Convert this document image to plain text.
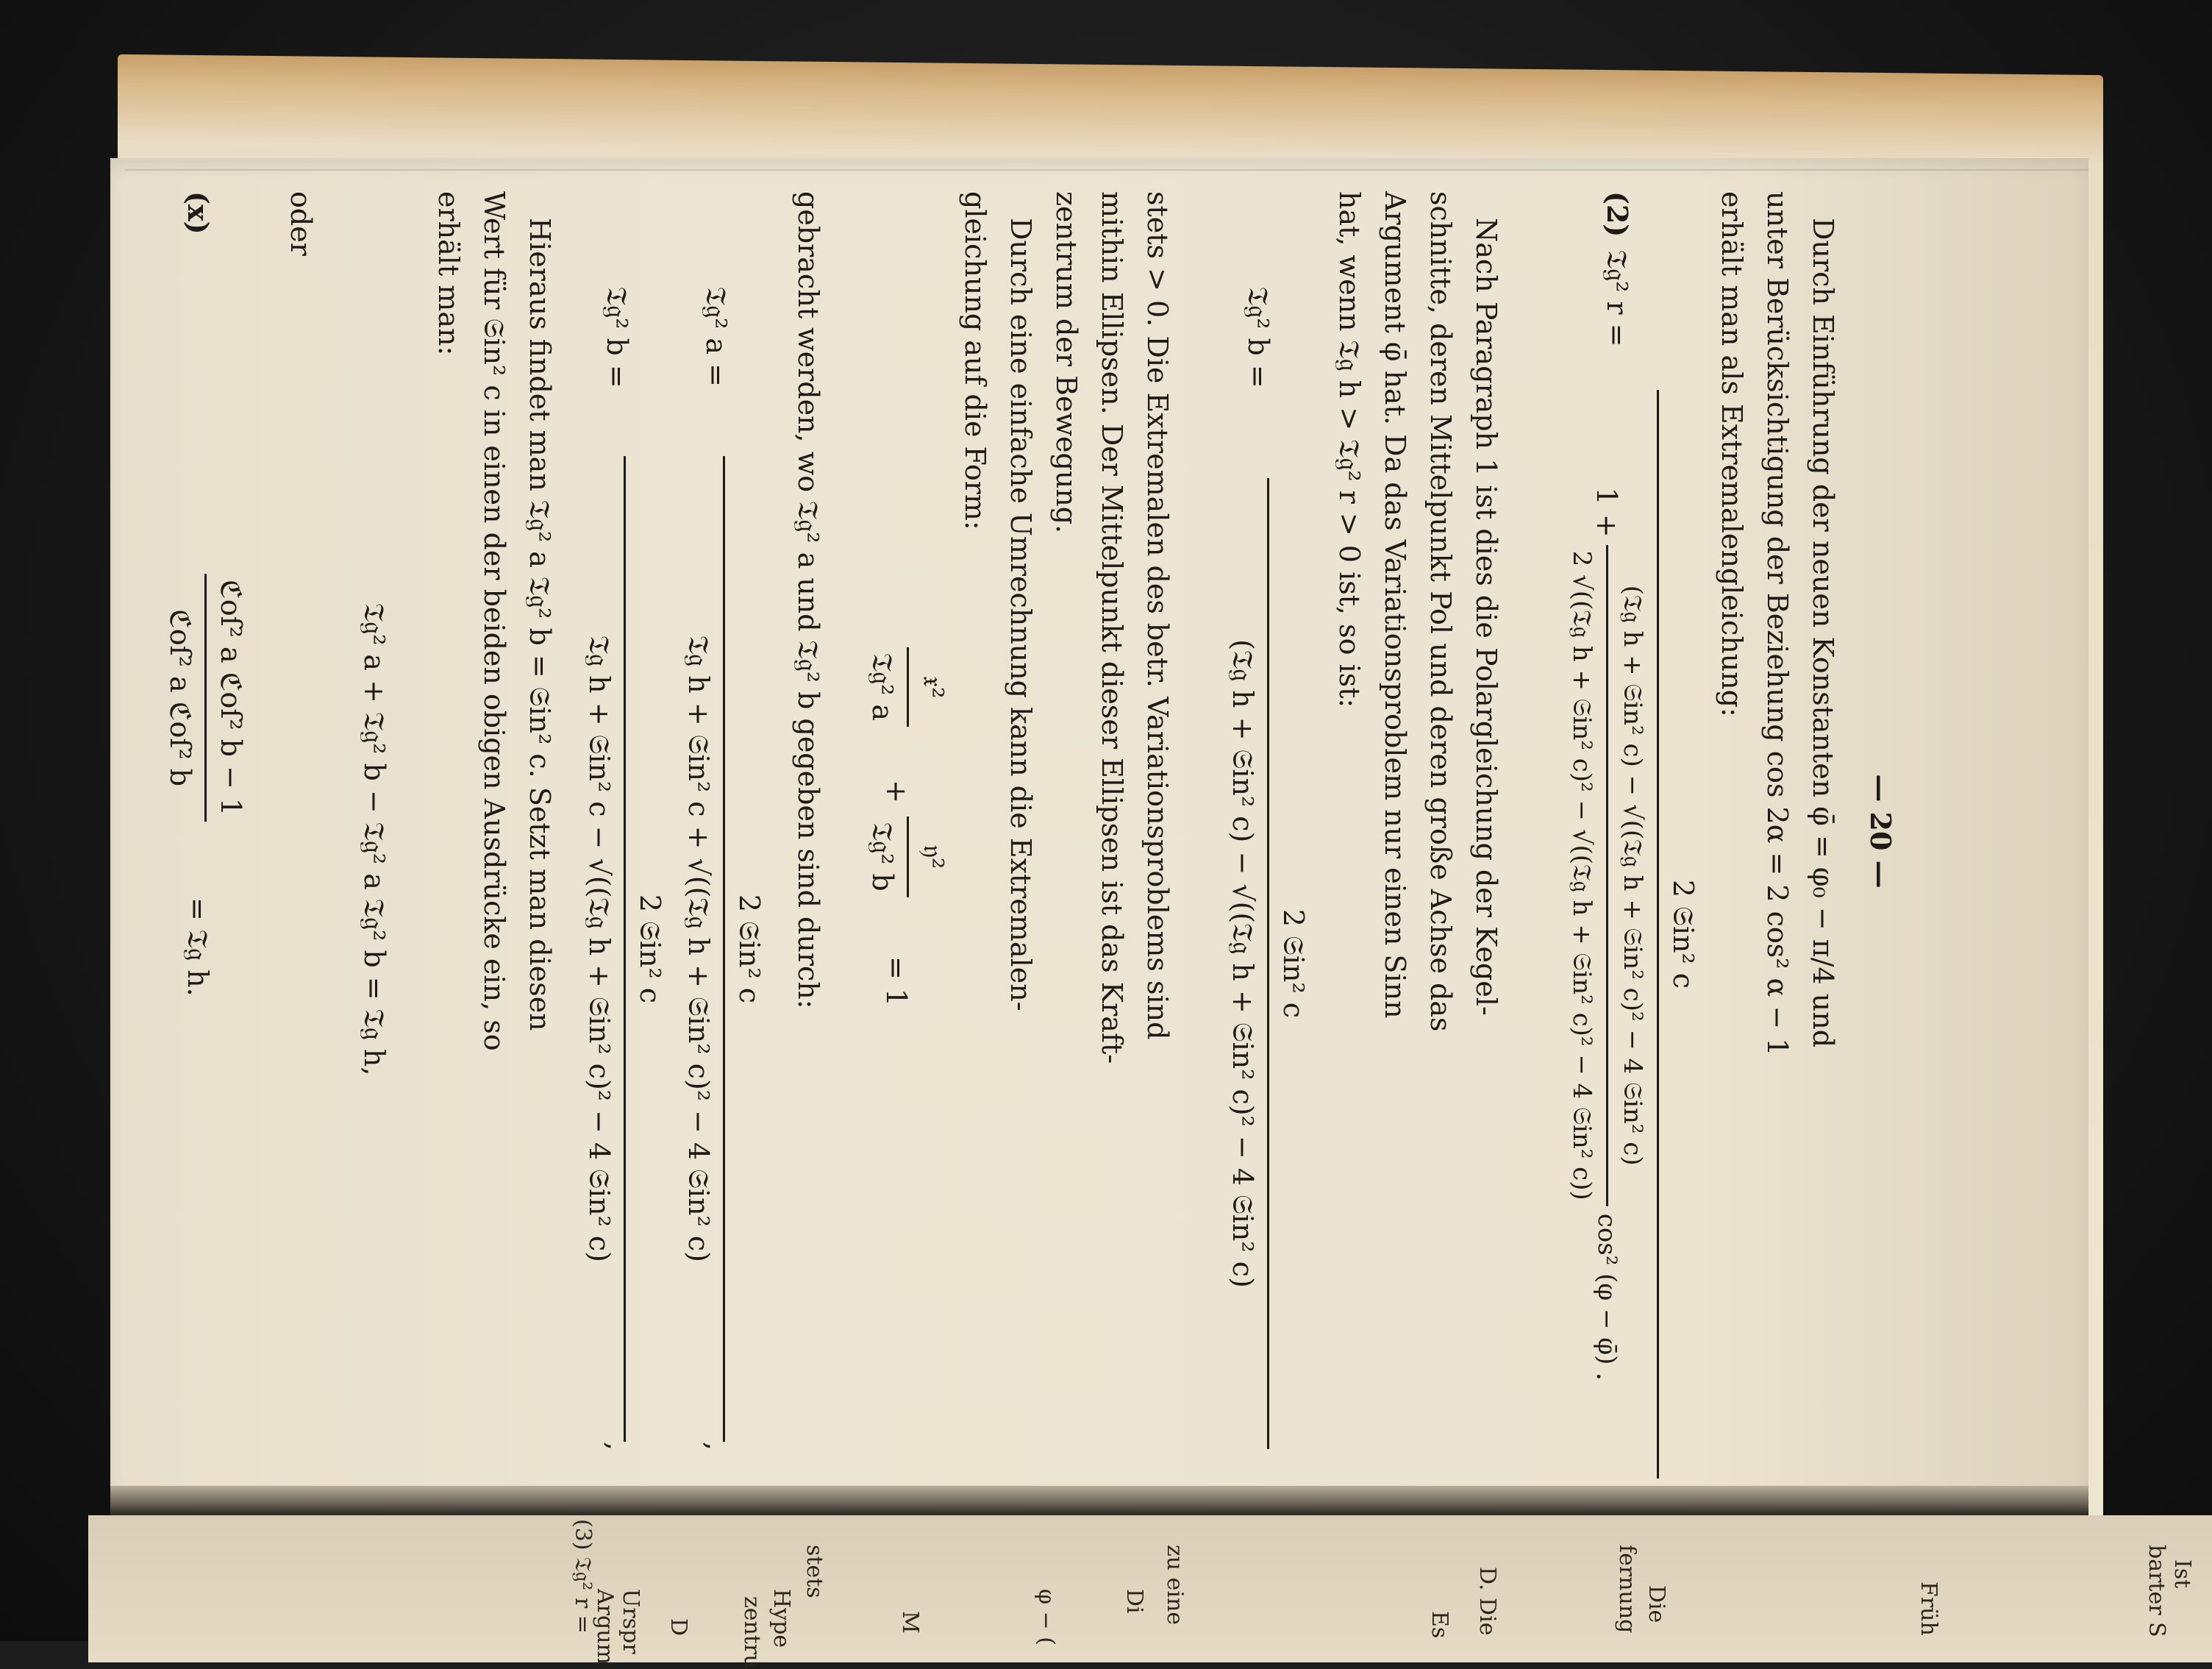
— 20 —
Durch Einführung der neuen Konstanten φ̄ = φ₀ − π/4 und
unter Berücksichtigung der Beziehung cos 2α = 2 cos² α − 1
erhält man als Extremalengleichung:
(2)
𝔗𝔤² r =
2 𝔖in² c
1 +
(𝔗𝔤 h + 𝔖in² c) − √((𝔗𝔤 h + 𝔖in² c)² − 4 𝔖in² c)
2 √((𝔗𝔤 h + 𝔖in² c)² − √((𝔗𝔤 h + 𝔖in² c)² − 4 𝔖in² c))
cos² (φ − φ̄)
.
Nach Paragraph 1 ist dies die Polargleichung der Kegel-
schnitte, deren Mittelpunkt Pol und deren große Achse das
Argument φ̄ hat. Da das Variationsproblem nur einen Sinn
hat, wenn 𝔗𝔤 h > 𝔗𝔤² r > 0 ist, so ist:
𝔗𝔤² b =
2 𝔖in² c
(𝔗𝔤 h + 𝔖in² c) − √((𝔗𝔤 h + 𝔖in² c)² − 4 𝔖in² c)
stets > 0. Die Extremalen des betr. Variationsproblems sind
mithin Ellipsen. Der Mittelpunkt dieser Ellipsen ist das Kraft-
zentrum der Bewegung.
Durch eine einfache Umrechnung kann die Extremalen-
gleichung auf die Form:
𝔵²
𝔗𝔤² a
+
𝔶²
𝔗𝔤² b
= 1
gebracht werden, wo 𝔗𝔤² a und 𝔗𝔤² b gegeben sind durch:
𝔗𝔤² a =
2 𝔖in² c
𝔗𝔤 h + 𝔖in² c + √((𝔗𝔤 h + 𝔖in² c)² − 4 𝔖in² c)
,
𝔗𝔤² b =
2 𝔖in² c
𝔗𝔤 h + 𝔖in² c − √((𝔗𝔤 h + 𝔖in² c)² − 4 𝔖in² c)
,
Hieraus findet man 𝔗𝔤² a 𝔗𝔤² b = 𝔖in² c. Setzt man diesen
Wert für 𝔖in² c in einen der beiden obigen Ausdrücke ein, so
erhält man:
𝔗𝔤² a + 𝔗𝔤² b − 𝔗𝔤² a 𝔗𝔤² b = 𝔗𝔤 h,
oder
(x)
ℭoſ² a ℭoſ² b − 1
ℭoſ² a ℭoſ² b
= 𝔗𝔤 h.
Ist
barter S
Früh
Die
fernung
D. Die
Es
zu eine
Di
φ − (
M
stets
Hype
zentru
(3) 𝔗𝔤² r =	D
Urspr
Argum
